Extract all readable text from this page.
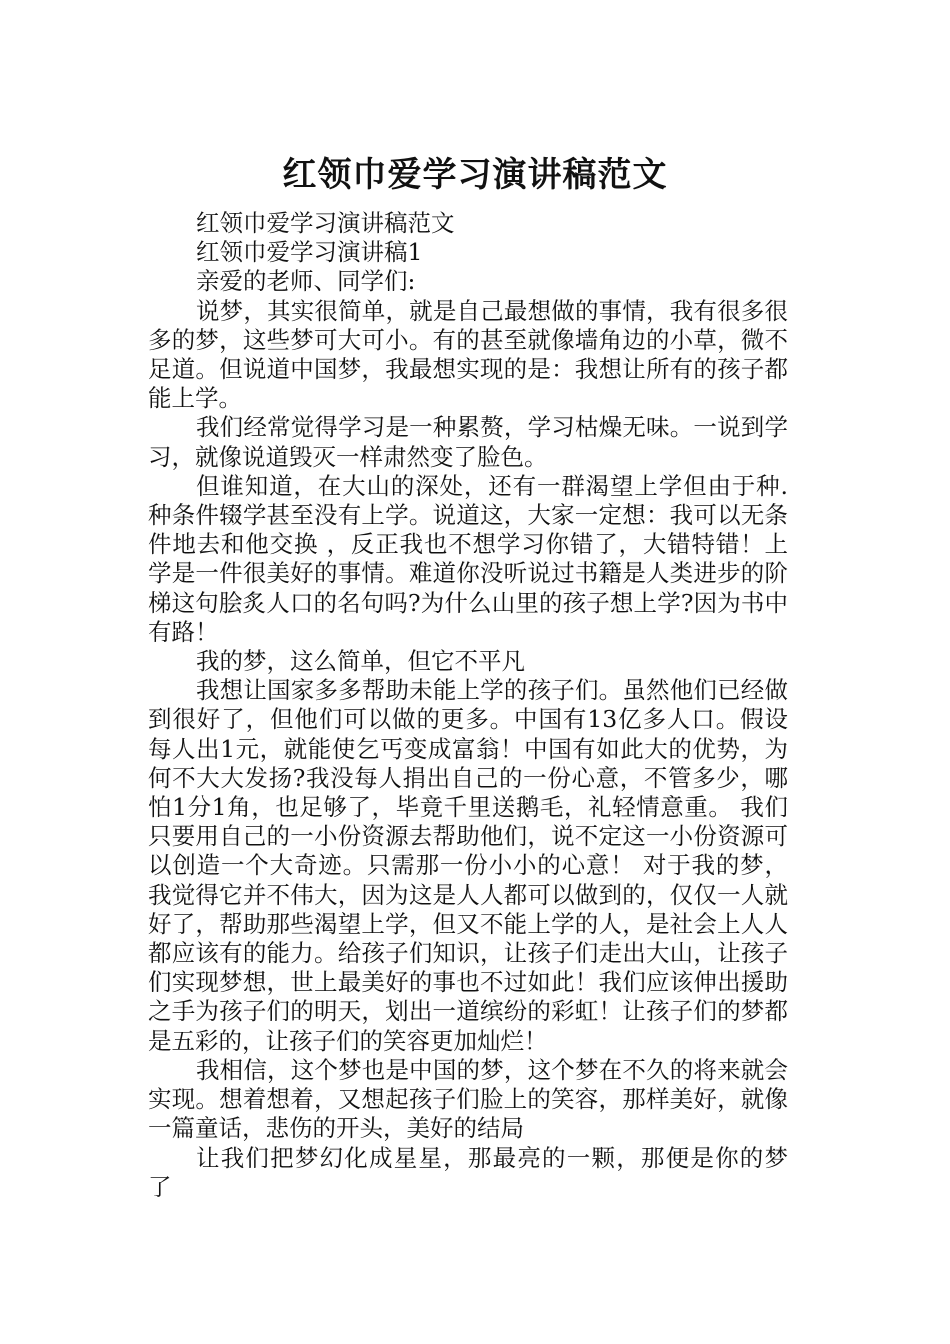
红领巾爱学习演讲稿范文

红领巾爱学习演讲稿范文

红领巾爱学习演讲稿1

亲爱的老师、同学们:

说梦，其实很简单，就是自己最想做的事情，我有很多很多的梦，这些梦可大可小。有的甚至就像墙角边的小草，微不足道。但说道中国梦，我最想实现的是：我想让所有的孩子都能上学。

我们经常觉得学习是一种累赘，学习枯燥无味。一说到学习，就像说道毁灭一样肃然变了脸色。

但谁知道，在大山的深处，还有一群渴望上学但由于种.种条件辍学甚至没有上学。说道这，大家一定想：我可以无条件地去和他交换 ，反正我也不想学习你错了，大错特错！上学是一件很美好的事情。难道你没听说过书籍是人类进步的阶梯这句脍炙人口的名句吗?为什么山里的孩子想上学?因为书中有路！

我的梦，这么简单，但它不平凡

我想让国家多多帮助未能上学的孩子们。虽然他们已经做到很好了，但他们可以做的更多。中国有13亿多人口。假设每人出1元，就能使乞丐变成富翁！中国有如此大的优势，为何不大大发扬?我没每人捐出自己的一份心意，不管多少，哪怕1分1角，也足够了，毕竟千里送鹅毛，礼轻情意重。 我们只要用自己的一小份资源去帮助他们，说不定这一小份资源可以创造一个大奇迹。只需那一份小小的心意！ 对于我的梦，我觉得它并不伟大，因为这是人人都可以做到的，仅仅一人就好了，帮助那些渴望上学，但又不能上学的人，是社会上人人都应该有的能力。给孩子们知识，让孩子们走出大山，让孩子们实现梦想，世上最美好的事也不过如此！我们应该伸出援助之手为孩子们的明天，划出一道缤纷的彩虹！让孩子们的梦都是五彩的，让孩子们的笑容更加灿烂！

我相信，这个梦也是中国的梦，这个梦在不久的将来就会实现。想着想着，又想起孩子们脸上的笑容，那样美好，就像一篇童话，悲伤的开头，美好的结局

让我们把梦幻化成星星，那最亮的一颗，那便是你的梦 了
